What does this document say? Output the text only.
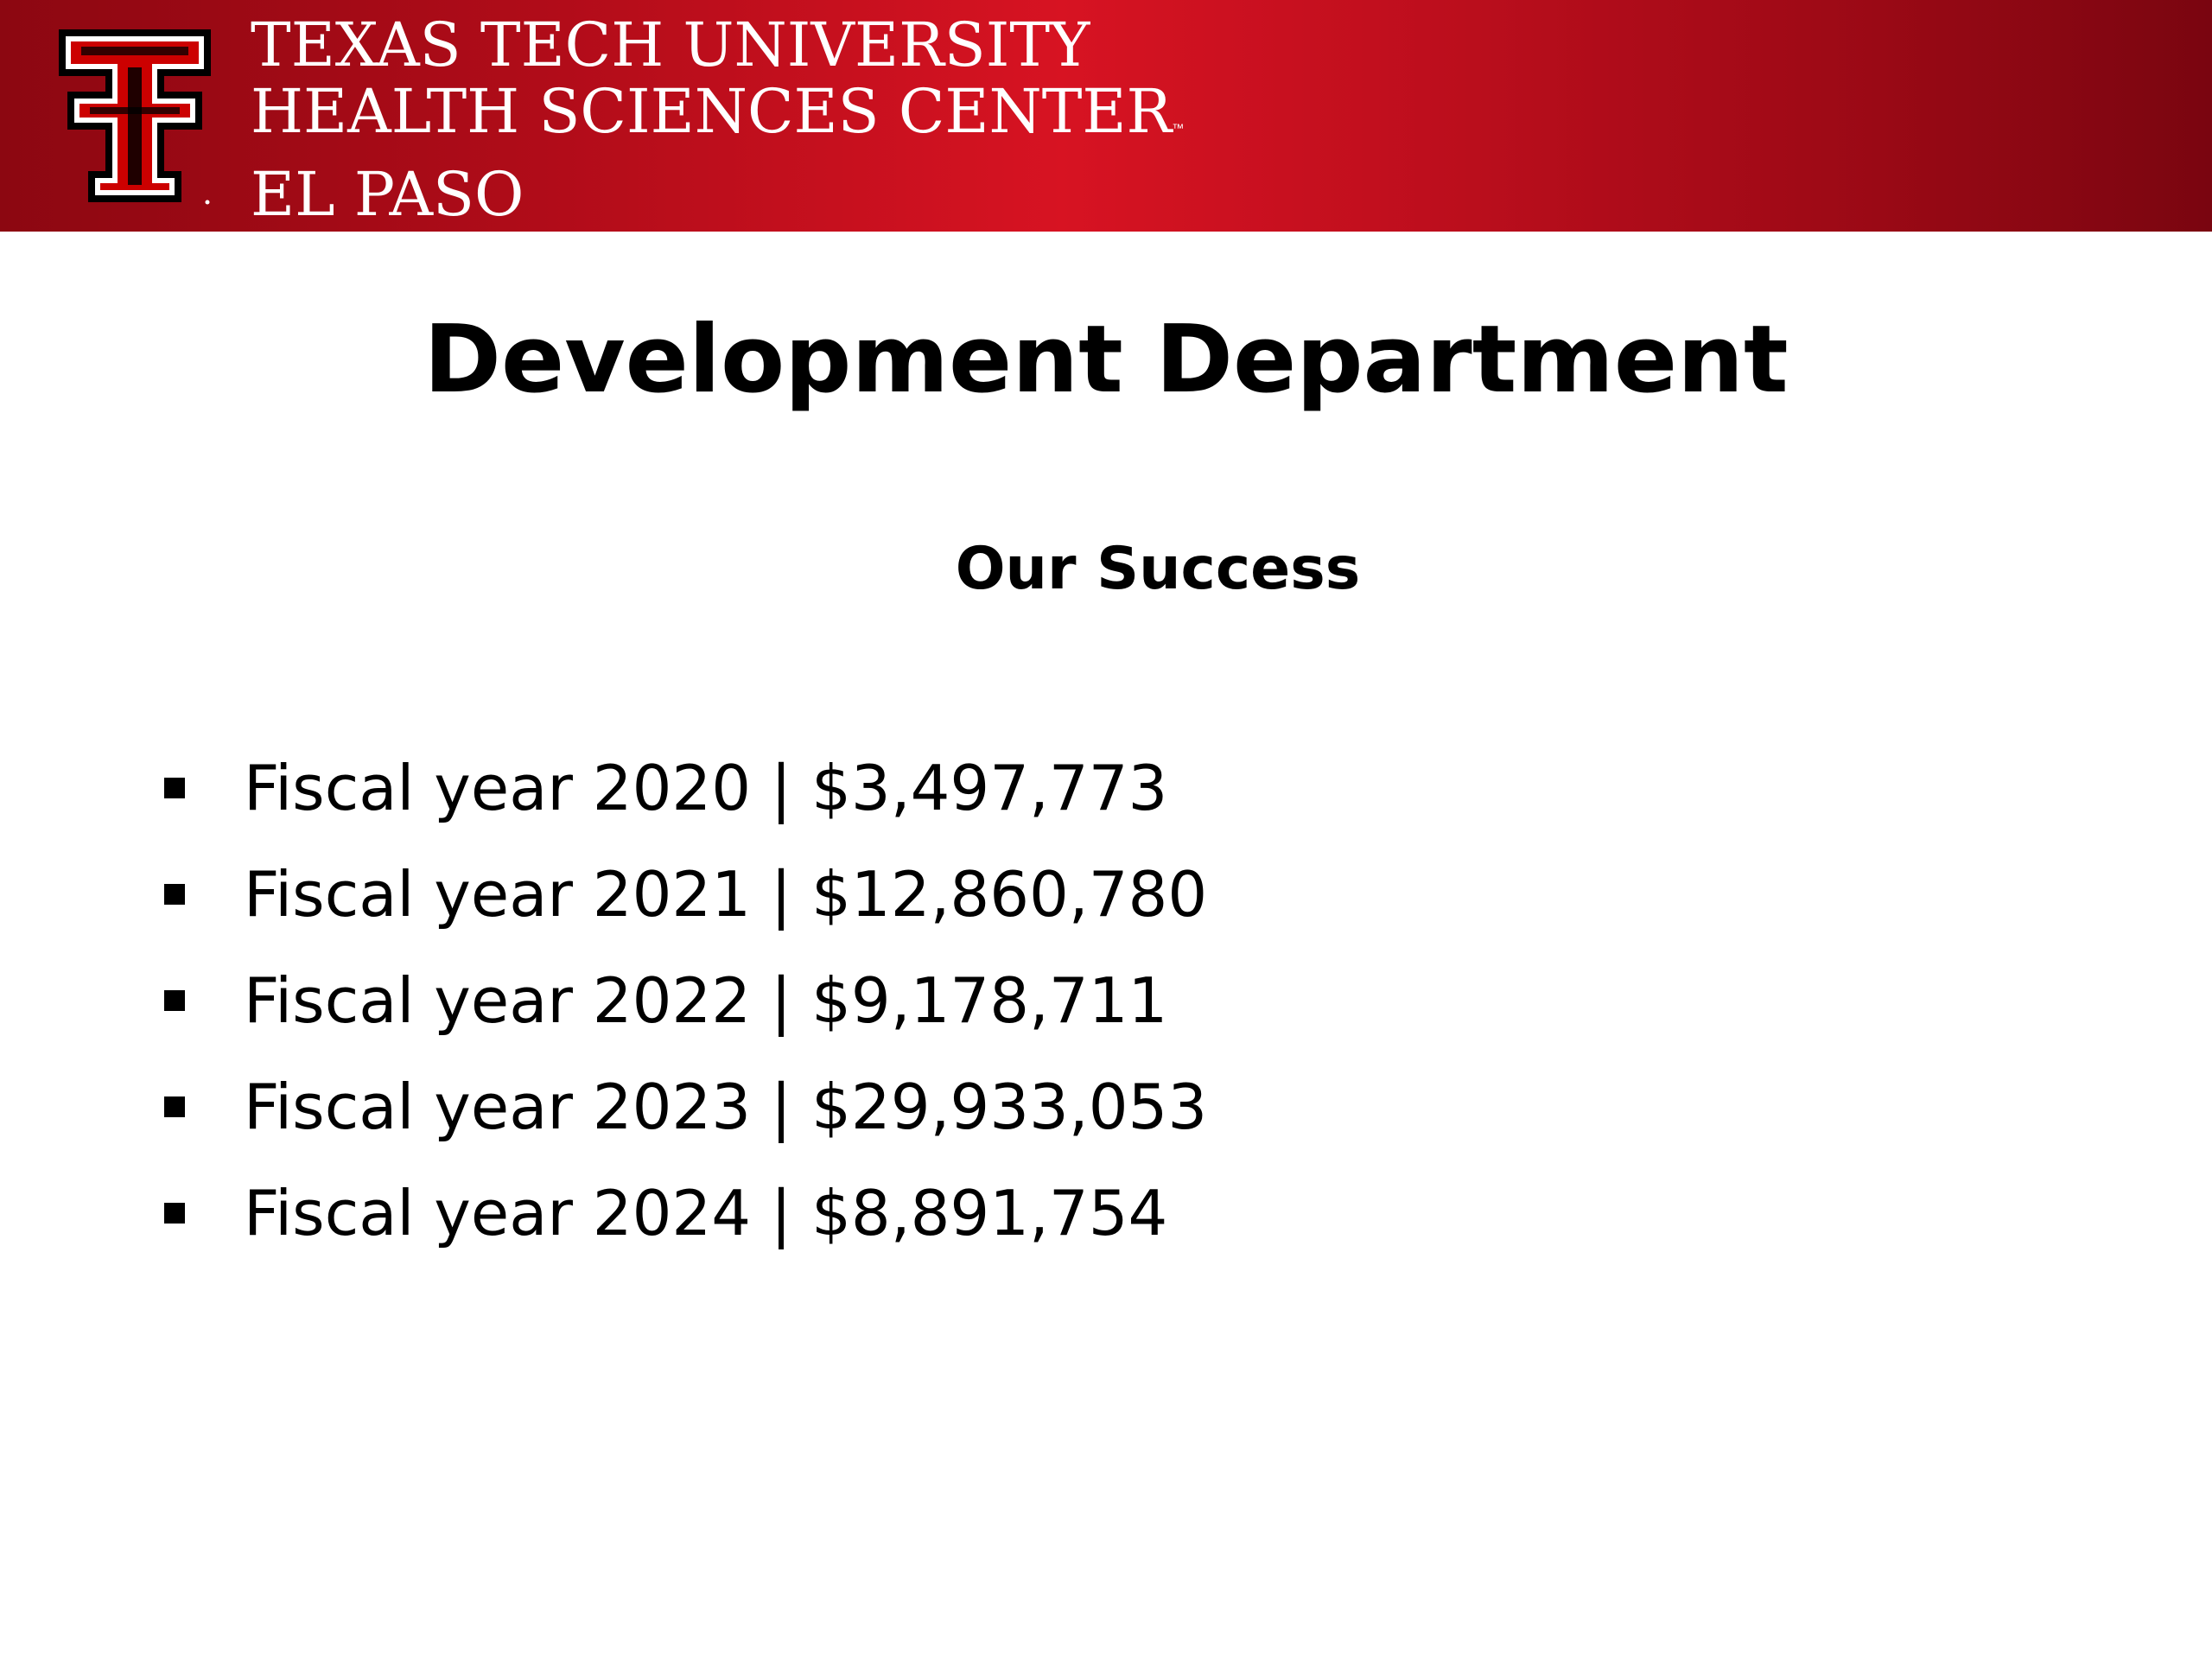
TEXAS TECH UNIVERSITY
HEALTH SCIENCES CENTER™
EL PASO
Development Department
Our Success
Fiscal year 2020 | $3,497,773
Fiscal year 2021 | $12,860,780
Fiscal year 2022 | $9,178,711
Fiscal year 2023 | $29,933,053
Fiscal year 2024 | $8,891,754
